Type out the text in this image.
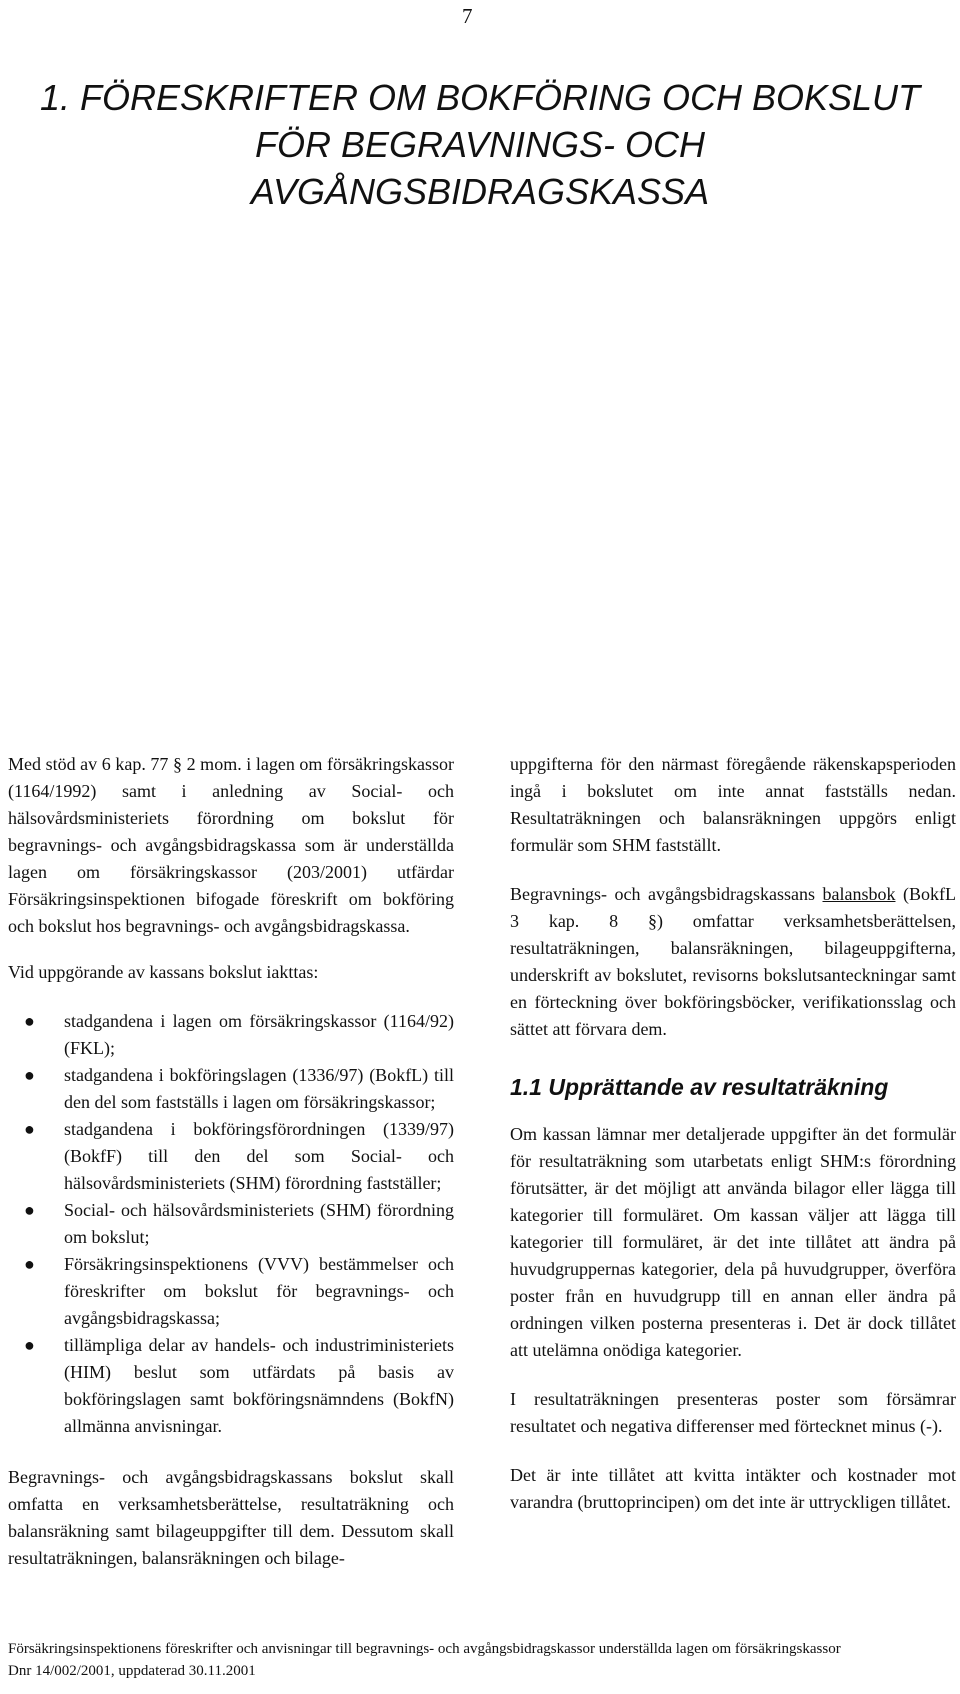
7
1. FÖRESKRIFTER OM BOKFÖRING OCH BOKSLUT
FÖR BEGRAVNINGS- OCH
AVGÅNGSBIDRAGSKASSA

Med stöd av 6 kap. 77 § 2 mom. i lagen om försäkringskassor (1164/1992) samt i anledning av Social- och hälsovårdsministeriets förordning om bokslut för begravnings- och avgångsbidragskassa som är underställda lagen om försäkringskassor (203/2001) utfärdar Försäkringsinspektionen bifogade föreskrift om bokföring och bokslut hos begravnings- och avgångsbidragskassa.

Vid uppgörande av kassans bokslut iakttas:

● stadgandena i lagen om försäkringskassor (1164/92) (FKL);
● stadgandena i bokföringslagen (1336/97) (BokfL) till den del som fastställs i lagen om försäkringskassor;
● stadgandena i bokföringsförordningen (1339/97) (BokfF) till den del som Social- och hälsovårdsministeriets (SHM) förordning fastställer;
● Social- och hälsovårdsministeriets (SHM) förordning om bokslut;
● Försäkringsinspektionens (VVV) bestämmelser och föreskrifter om bokslut för begravnings- och avgångsbidragskassa;
● tillämpliga delar av handels- och industriministeriets (HIM) beslut som utfärdats på basis av bokföringslagen samt bokföringsnämndens (BokfN) allmänna anvisningar.

Begravnings- och avgångsbidragskassans bokslut skall omfatta en verksamhetsberättelse, resultaträkning och balansräkning samt bilageuppgifter till dem. Dessutom skall resultaträkningen, balansräkningen och bilage-

uppgifterna för den närmast föregående räkenskapsperioden ingå i bokslutet om inte annat fastställs nedan. Resultaträkningen och balansräkningen uppgörs enligt formulär som SHM fastställt.

Begravnings- och avgångsbidragskassans balansbok (BokfL 3 kap. 8 §) omfattar verksamhetsberättelsen, resultaträkningen, balansräkningen, bilageuppgifterna, underskrift av bokslutet, revisorns bokslutsanteckningar samt en förteckning över bokföringsböcker, verifikationsslag och sättet att förvara dem.

1.1 Upprättande av resultaträkning

Om kassan lämnar mer detaljerade uppgifter än det formulär för resultaträkning som utarbetats enligt SHM:s förordning förutsätter, är det möjligt att använda bilagor eller lägga till kategorier till formuläret. Om kassan väljer att lägga till kategorier till formuläret, är det inte tillåtet att ändra på huvudgruppernas kategorier, dela på huvudgrupper, överföra poster från en huvudgrupp till en annan eller ändra på ordningen vilken posterna presenteras i. Det är dock tillåtet att utelämna onödiga kategorier.

I resultaträkningen presenteras poster som försämrar resultatet och negativa differenser med förtecknet minus (-).

Det är inte tillåtet att kvitta intäkter och kostnader mot varandra (bruttoprincipen) om det inte är uttryckligen tillåtet.

Försäkringsinspektionens föreskrifter och anvisningar till begravnings- och avgångsbidragskassor underställda lagen om försäkringskassor
Dnr 14/002/2001, uppdaterad 30.11.2001
